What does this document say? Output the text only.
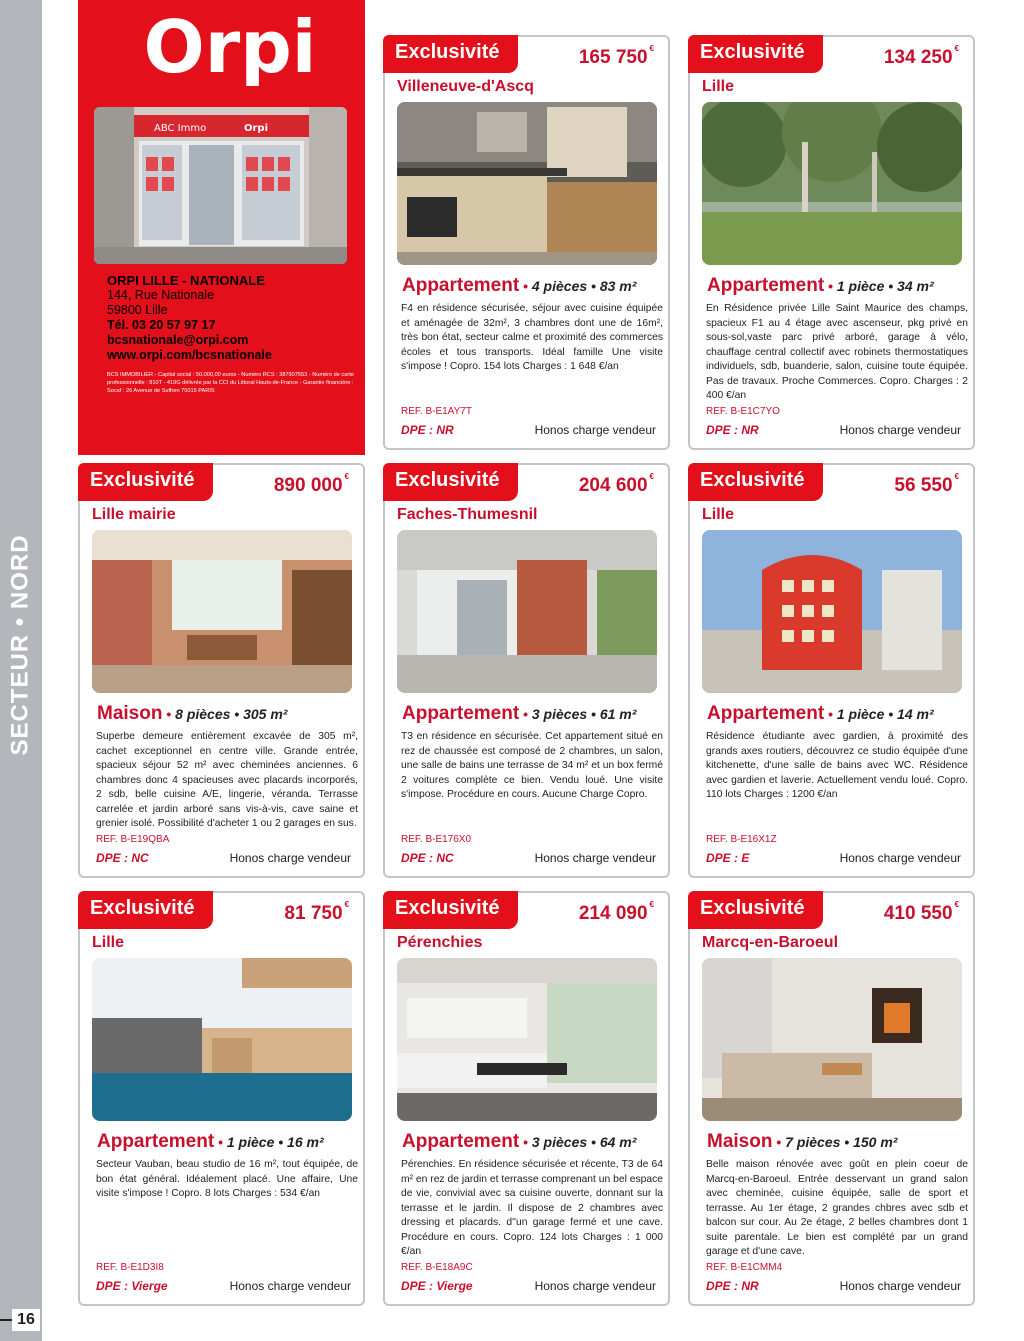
SECTEUR • NORD
16
Orpi
ABC Immo	Orpi
ORPI LILLE - NATIONALE
144, Rue Nationale
59800 Lille
Tél. 03 20 57 97 17
bcsnationale@orpi.com
www.orpi.com/bcsnationale
BCS IMMOBILIER - Capital social : 50.000,00 euros - Numéro RCS : 387907553 - Numéro de carte professionnelle : 810T - 419G délivrée par la CCI du Littoral Hauts-de-France - Garantie financière : Socaf : 26 Avenue de Suffren 75015 PARIS
Exclusivité	165 750 €
Villeneuve-d'Ascq
Appartement • 4 pièces • 83 m²
F4 en résidence sécurisée, séjour avec cuisine équipée et aménagée de 32m², 3 chambres dont une de 16m², très bon état, secteur calme et proximité des commerces écoles et tous transports. Idéal famille Une visite s'impose ! Copro. 154 lots Charges : 1 648 €/an
REF. B-E1AY7T
DPE : NR	Honos charge vendeur
Exclusivité	134 250 €
Lille
Appartement • 1 pièce • 34 m²
En Résidence privée Lille Saint Maurice des champs, spacieux F1 au 4 étage avec ascenseur, pkg privé en sous-sol,vaste parc privé arboré, garage à vélo, chauffage central collectif avec robinets thermostatiques individuels, sdb, buanderie, salon, cuisine toute équipée. Pas de travaux. Proche Commerces. Copro. Charges : 2 400 €/an
REF. B-E1C7YO
DPE : NR	Honos charge vendeur
Exclusivité	890 000 €
Lille mairie
Maison • 8 pièces • 305 m²
Superbe demeure entièrement excavée de 305 m², cachet exceptionnel en centre ville. Grande entrée, spacieux séjour 52 m² avec cheminées anciennes. 6 chambres donc 4 spacieuses avec placards incorporés, 2 sdb, belle cuisine A/E, lingerie, véranda. Terrasse carrelée et jardin arboré sans vis-à-vis, cave saine et grenier isolé. Possibilité d'acheter 1 ou 2 garages en sus.
REF. B-E19QBA
DPE : NC	Honos charge vendeur
Exclusivité	204 600 €
Faches-Thumesnil
Appartement • 3 pièces • 61 m²
T3 en résidence en sécurisée. Cet appartement situé en rez de chaussée est composé de 2 chambres, un salon, une salle de bains une terrasse de 34 m² et un box fermé 2 voitures complète ce bien. Vendu loué. Une visite s'impose. Procédure en cours. Aucune Charge Copro.
REF. B-E176X0
DPE : NC	Honos charge vendeur
Exclusivité	56 550 €
Lille
Appartement • 1 pièce • 14 m²
Résidence étudiante avec gardien, à proximité des grands axes routiers, découvrez ce studio équipée d'une kitchenette, d'une salle de bains avec WC. Résidence avec gardien et laverie. Actuellement vendu loué. Copro. 110 lots Charges : 1200 €/an
REF. B-E16X1Z
DPE : E	Honos charge vendeur
Exclusivité	81 750 €
Lille
Appartement • 1 pièce • 16 m²
Secteur Vauban, beau studio de 16 m², tout équipée, de bon état général. Idéalement placé. Une affaire, Une visite s'impose ! Copro. 8 lots Charges : 534 €/an
REF. B-E1D3I8
DPE : Vierge	Honos charge vendeur
Exclusivité	214 090 €
Pérenchies
Appartement • 3 pièces • 64 m²
Pérenchies. En résidence sécurisée et récente, T3 de 64 m² en rez de jardin et terrasse comprenant un bel espace de vie, convivial avec sa cuisine ouverte, donnant sur la terrasse et le jardin. Il dispose de 2 chambres avec dressing et placards. d''un garage fermé et une cave. Procédure en cours. Copro. 124 lots Charges : 1 000 €/an
REF. B-E18A9C
DPE : Vierge	Honos charge vendeur
Exclusivité	410 550 €
Marcq-en-Baroeul
Maison • 7 pièces • 150 m²
Belle maison rénovée avec goût en plein coeur de Marcq-en-Baroeul. Entrée desservant un grand salon avec cheminée, cuisine équipée, salle de sport et terrasse. Au 1er étage, 2 grandes chbres avec sdb et balcon sur cour. Au 2e étage, 2 belles chambres dont 1 suite parentale. Le bien est complété par un grand garage et d'une cave.
REF. B-E1CMM4
DPE : NR	Honos charge vendeur
